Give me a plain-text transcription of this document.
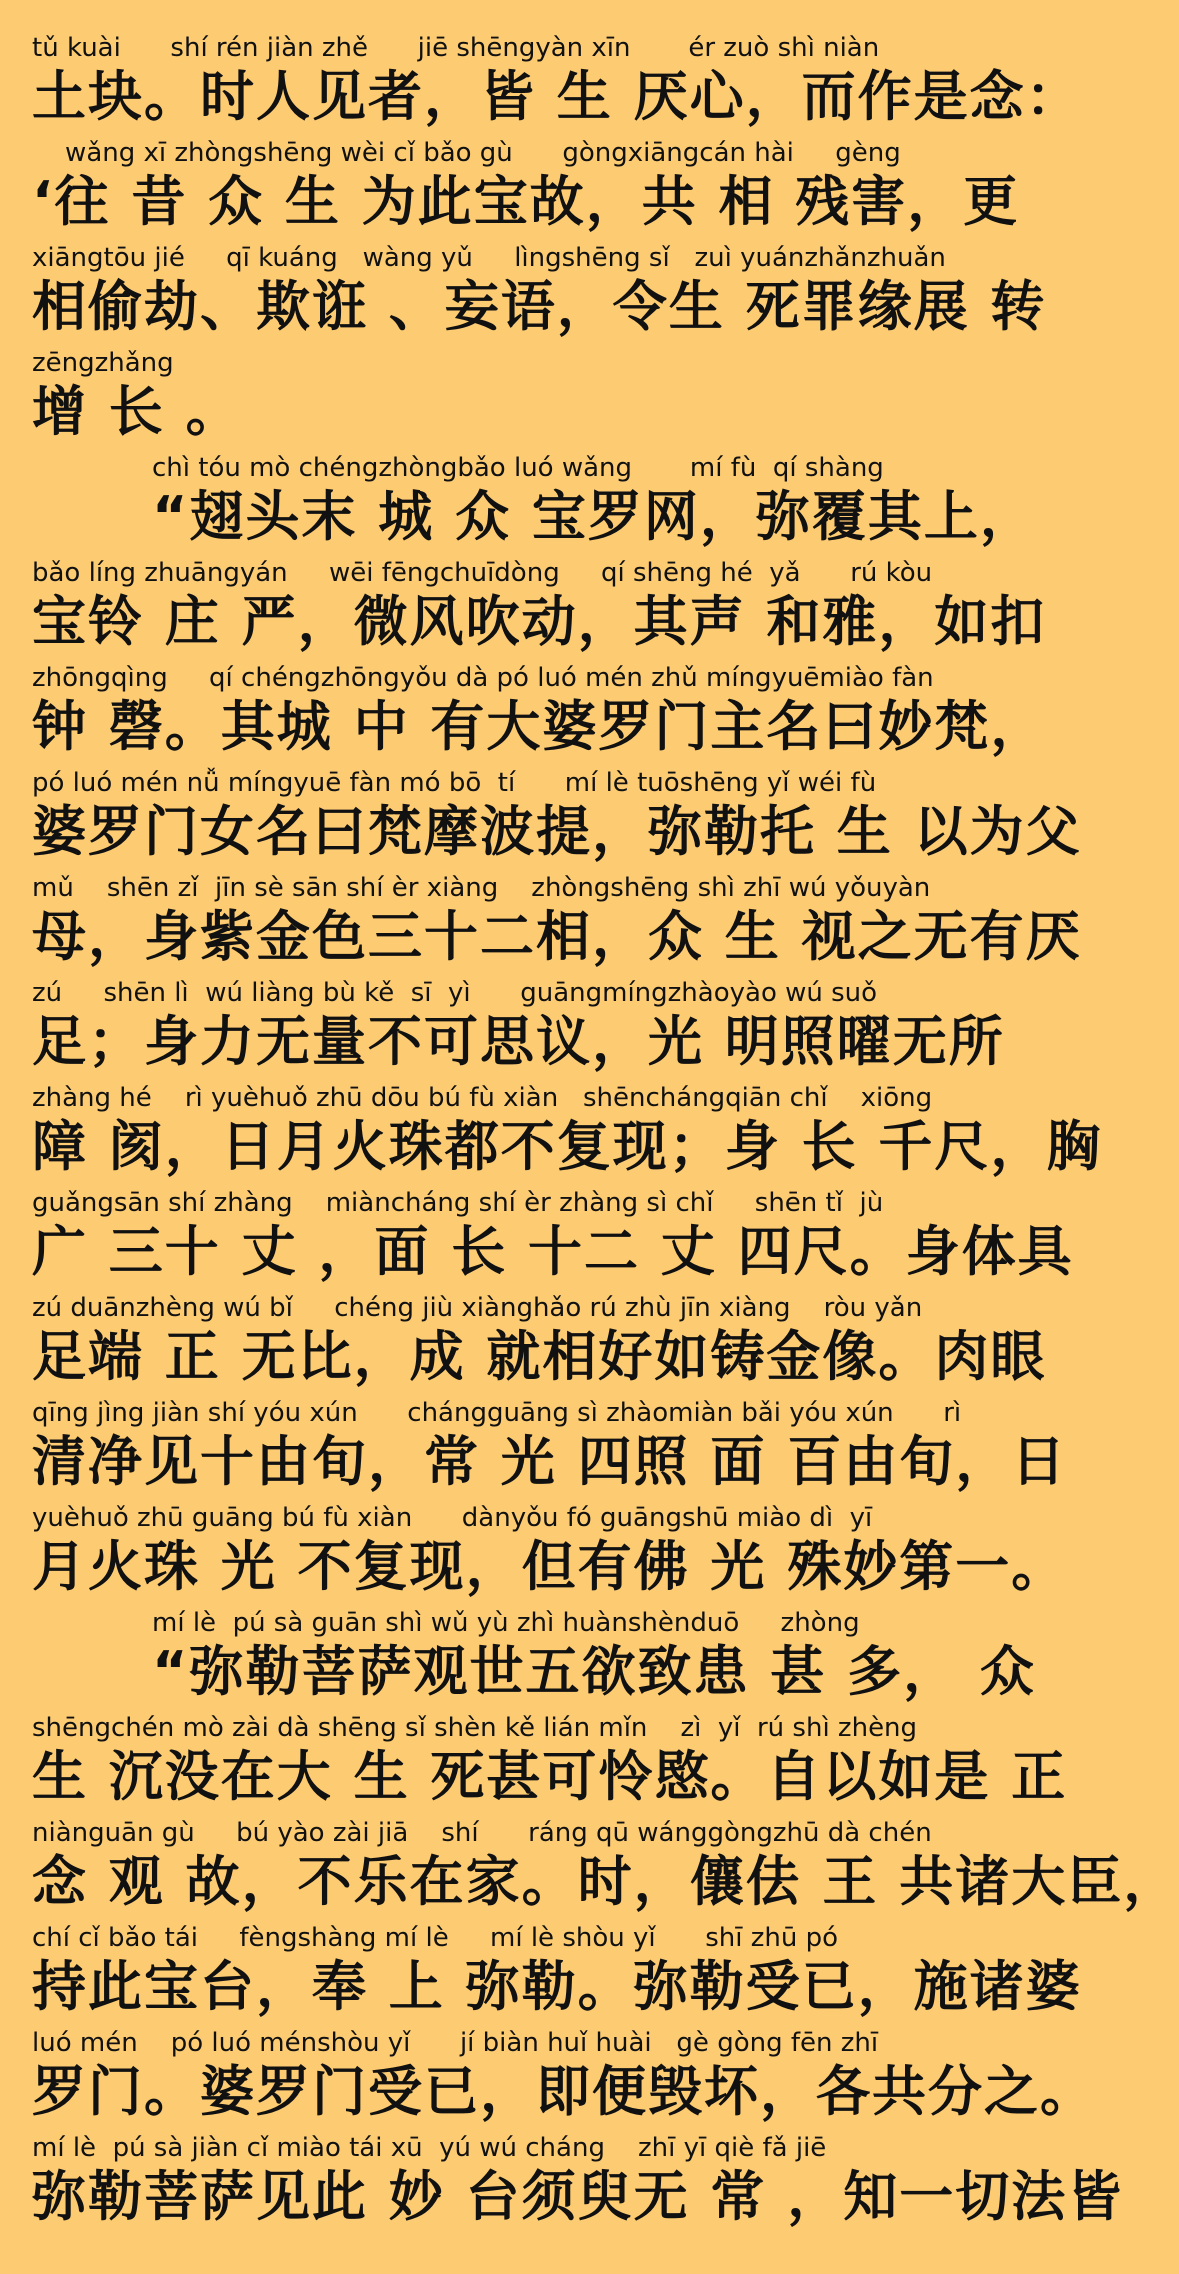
tǔ kuài      shí rén jiàn zhě      jiē shēngyàn xīn       ér zuò shì niàn
土块。时人见者，皆 生 厌心，而作是念：
wǎng xī zhòngshēng wèi cǐ bǎo gù      gòngxiāngcán hài     gèng
‘往 昔 众 生 为此宝故，共 相 残害，更
xiāngtōu jié     qī kuáng   wàng yǔ     lìngshēng sǐ   zuì yuánzhǎnzhuǎn
相偷劫、欺诳 、妄语，令生 死罪缘展 转
zēngzhǎng
增 长 。
chì tóu mò chéngzhòngbǎo luó wǎng       mí fù  qí shàng
“翅头末 城 众 宝罗网，弥覆其上，
bǎo líng zhuāngyán     wēi fēngchuīdòng     qí shēng hé  yǎ      rú kòu
宝铃 庄 严，微风吹动，其声 和雅，如扣
zhōngqìng     qí chéngzhōngyǒu dà pó luó mén zhǔ míngyuēmiào fàn
钟 磬。其城 中 有大婆罗门主名曰妙梵，
pó luó mén nǚ míngyuē fàn mó bō  tí      mí lè tuōshēng yǐ wéi fù
婆罗门女名曰梵摩波提，弥勒托 生 以为父
mǔ    shēn zǐ  jīn sè sān shí èr xiàng    zhòngshēng shì zhī wú yǒuyàn
母，身紫金色三十二相，众 生 视之无有厌
zú     shēn lì  wú liàng bù kě  sī  yì      guāngmíngzhàoyào wú suǒ
足；身力无量不可思议，光 明照曜无所
zhàng hé    rì yuèhuǒ zhū dōu bú fù xiàn   shēnchángqiān chǐ    xiōng
障 阂，日月火珠都不复现；身 长 千尺，胸
guǎngsān shí zhàng    miàncháng shí èr zhàng sì chǐ     shēn tǐ  jù
广 三十 丈 ，面 长 十二 丈 四尺。身体具
zú duānzhèng wú bǐ     chéng jiù xiànghǎo rú zhù jīn xiàng    ròu yǎn
足端 正 无比，成 就相好如铸金像。肉眼
qīng jìng jiàn shí yóu xún      chángguāng sì zhàomiàn bǎi yóu xún      rì
清净见十由旬，常 光 四照 面 百由旬，日
yuèhuǒ zhū guāng bú fù xiàn      dànyǒu fó guāngshū miào dì  yī
月火珠 光 不复现，但有佛 光 殊妙第一。
mí lè  pú sà guān shì wǔ yù zhì huànshènduō     zhòng
“弥勒菩萨观世五欲致患 甚 多， 众
shēngchén mò zài dà shēng sǐ shèn kě lián mǐn    zì  yǐ  rú shì zhèng
生 沉没在大 生 死甚可怜愍。自以如是 正
niànguān gù     bú yào zài jiā    shí      ráng qū wánggòngzhū dà chén
念 观 故，不乐在家。时，儴佉 王 共诸大臣，
chí cǐ bǎo tái     fèngshàng mí lè     mí lè shòu yǐ      shī zhū pó
持此宝台，奉 上 弥勒。弥勒受已，施诸婆
luó mén    pó luó ménshòu yǐ      jí biàn huǐ huài   gè gòng fēn zhī
罗门。婆罗门受已，即便毁坏，各共分之。
mí lè  pú sà jiàn cǐ miào tái xū  yú wú cháng    zhī yī qiè fǎ jiē
弥勒菩萨见此 妙 台须臾无 常 ，知一切法皆
